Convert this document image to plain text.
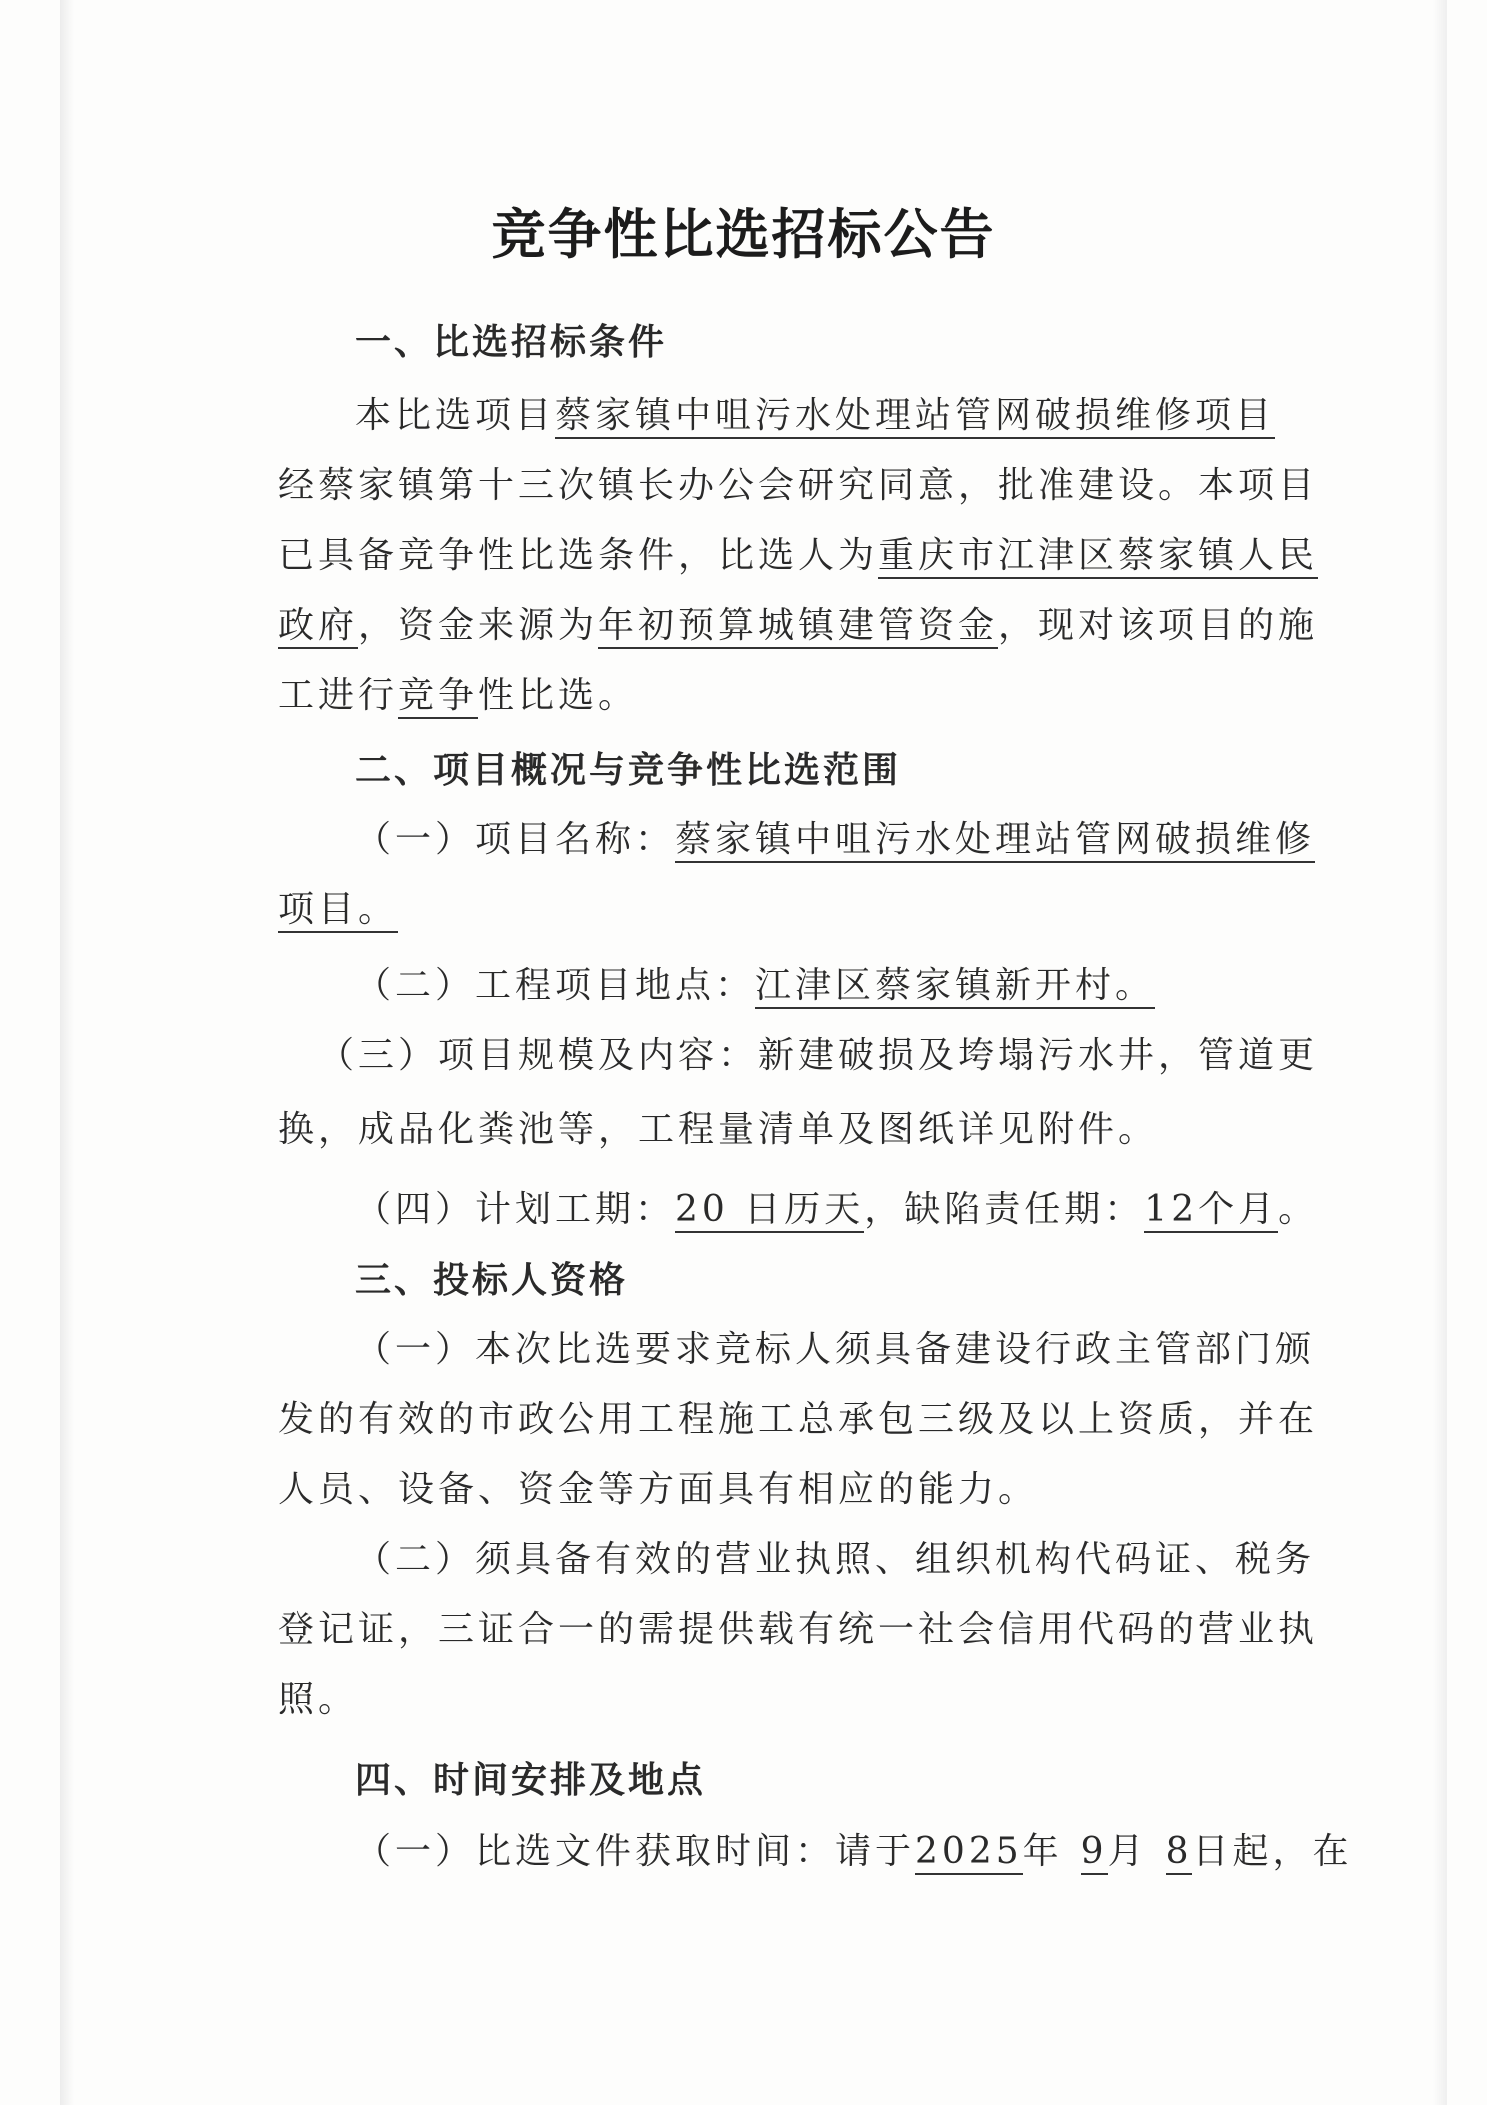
竞争性比选招标公告
一、比选招标条件
本比选项目蔡家镇中咀污水处理站管网破损维修项目
经蔡家镇第十三次镇长办公会研究同意，批准建设。本项目
已具备竞争性比选条件，比选人为重庆市江津区蔡家镇人民
政府，资金来源为年初预算城镇建管资金，现对该项目的施
工进行竞争性比选。
二、项目概况与竞争性比选范围
（一）项目名称：蔡家镇中咀污水处理站管网破损维修
项目。
（二）工程项目地点：江津区蔡家镇新开村。
（三）项目规模及内容：新建破损及垮塌污水井，管道更
换，成品化粪池等，工程量清单及图纸详见附件。
（四）计划工期：20 日历天，缺陷责任期：12个月。
三、投标人资格
（一）本次比选要求竞标人须具备建设行政主管部门颁
发的有效的市政公用工程施工总承包三级及以上资质，并在
人员、设备、资金等方面具有相应的能力。
（二）须具备有效的营业执照、组织机构代码证、税务
登记证，三证合一的需提供载有统一社会信用代码的营业执
照。
四、时间安排及地点
（一）比选文件获取时间：请于2025年 9月 8日起，在
